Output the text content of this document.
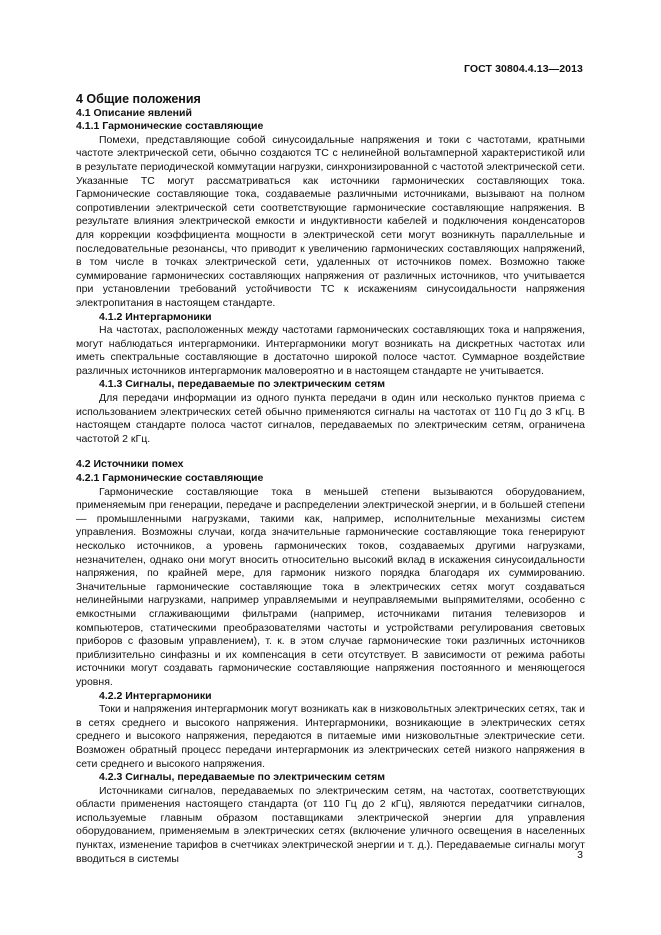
ГОСТ 30804.4.13—2013

4 Общие положения

4.1 Описание явлений

4.1.1 Гармонические составляющие

Помехи, представляющие собой синусоидальные напряжения и токи с частотами, кратными частоте электрической сети, обычно создаются ТС с нелинейной вольтамперной характеристикой или в результате периодической коммутации нагрузки, синхронизированной с частотой электрической сети. Указанные ТС могут рассматриваться как источники гармонических составляющих тока. Гармонические составляющие тока, создаваемые различными источниками, вызывают на полном сопротивлении электрической сети соответствующие гармонические составляющие напряжения. В результате влияния электрической емкости и индуктивности кабелей и подключения конденсаторов для коррекции коэффициента мощности в электрической сети могут возникнуть параллельные и последовательные резонансы, что приводит к увеличению гармонических составляющих напряжений, в том числе в точках электрической сети, удаленных от источников помех. Возможно также суммирование гармонических составляющих напряжения от различных источников, что учитывается при установлении требований устойчивости ТС к искажениям синусоидальности напряжения электропитания в настоящем стандарте.

4.1.2 Интергармоники

На частотах, расположенных между частотами гармонических составляющих тока и напряжения, могут наблюдаться интергармоники. Интергармоники могут возникать на дискретных частотах или иметь спектральные составляющие в достаточно широкой полосе частот. Суммарное воздействие различных источников интергармоник маловероятно и в настоящем стандарте не учитывается.

4.1.3 Сигналы, передаваемые по электрическим сетям

Для передачи информации из одного пункта передачи в один или несколько пунктов приема с использованием электрических сетей обычно применяются сигналы на частотах от 110 Гц до 3 кГц. В настоящем стандарте полоса частот сигналов, передаваемых по электрическим сетям, ограничена частотой 2 кГц.

4.2 Источники помех

4.2.1 Гармонические составляющие

Гармонические составляющие тока в меньшей степени вызываются оборудованием, применяемым при генерации, передаче и распределении электрической энергии, и в большей степени — промышленными нагрузками, такими как, например, исполнительные механизмы систем управления. Возможны случаи, когда значительные гармонические составляющие тока генерируют несколько источников, а уровень гармонических токов, создаваемых другими нагрузками, незначителен, однако они могут вносить относительно высокий вклад в искажения синусоидальности напряжения, по крайней мере, для гармоник низкого порядка благодаря их суммированию. Значительные гармонические составляющие тока в электрических сетях могут создаваться нелинейными нагрузками, например управляемыми и неуправляемыми выпрямителями, особенно с емкостными сглаживающими фильтрами (например, источниками питания телевизоров и компьютеров, статическими преобразователями частоты и устройствами регулирования световых приборов с фазовым управлением), т. к. в этом случае гармонические токи различных источников приблизительно синфазны и их компенсация в сети отсутствует. В зависимости от режима работы источники могут создавать гармонические составляющие напряжения постоянного и меняющегося уровня.

4.2.2 Интергармоники

Токи и напряжения интергармоник могут возникать как в низковольтных электрических сетях, так и в сетях среднего и высокого напряжения. Интергармоники, возникающие в электрических сетях среднего и высокого напряжения, передаются в питаемые ими низковольтные электрические сети. Возможен обратный процесс передачи интергармоник из электрических сетей низкого напряжения в сети среднего и высокого напряжения.

4.2.3 Сигналы, передаваемые по электрическим сетям

Источниками сигналов, передаваемых по электрическим сетям, на частотах, соответствующих области применения настоящего стандарта (от 110 Гц до 2 кГц), являются передатчики сигналов, используемые главным образом поставщиками электрической энергии для управления оборудованием, применяемым в электрических сетях (включение уличного освещения в населенных пунктах, изменение тарифов в счетчиках электрической энергии и т. д.). Передаваемые сигналы могут вводиться в системы	3
